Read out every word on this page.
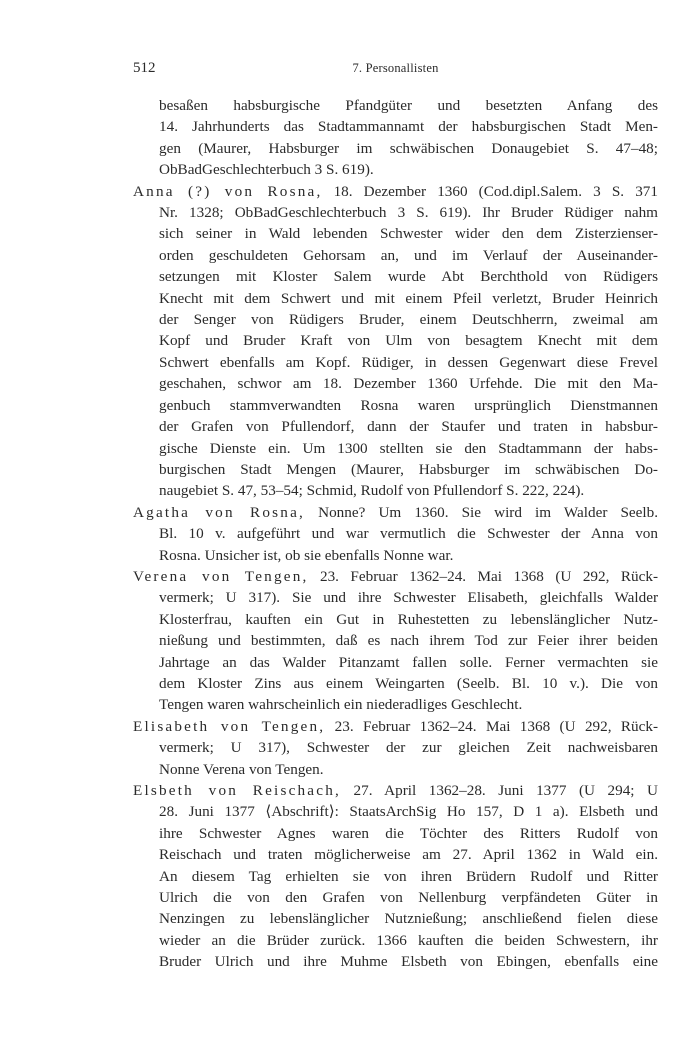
512	7. Personallisten
besaßen habsburgische Pfandgüter und besetzten Anfang des
14. Jahrhunderts das Stadtammannamt der habsburgischen Stadt Men-
gen (Maurer, Habsburger im schwäbischen Donaugebiet S. 47–48;
ObBadGeschlechterbuch 3 S. 619).
Anna (?) von Rosna, 18. Dezember 1360 (Cod.dipl.Salem. 3 S. 371
Nr. 1328; ObBadGeschlechterbuch 3 S. 619). Ihr Bruder Rüdiger nahm
sich seiner in Wald lebenden Schwester wider den dem Zisterzienser-
orden geschuldeten Gehorsam an, und im Verlauf der Auseinander-
setzungen mit Kloster Salem wurde Abt Berchthold von Rüdigers
Knecht mit dem Schwert und mit einem Pfeil verletzt, Bruder Heinrich
der Senger von Rüdigers Bruder, einem Deutschherrn, zweimal am
Kopf und Bruder Kraft von Ulm von besagtem Knecht mit dem
Schwert ebenfalls am Kopf. Rüdiger, in dessen Gegenwart diese Frevel
geschahen, schwor am 18. Dezember 1360 Urfehde. Die mit den Ma-
genbuch stammverwandten Rosna waren ursprünglich Dienstmannen
der Grafen von Pfullendorf, dann der Staufer und traten in habsbur-
gische Dienste ein. Um 1300 stellten sie den Stadtammann der habs-
burgischen Stadt Mengen (Maurer, Habsburger im schwäbischen Do-
naugebiet S. 47, 53–54; Schmid, Rudolf von Pfullendorf S. 222, 224).
Agatha von Rosna, Nonne? Um 1360. Sie wird im Walder Seelb.
Bl. 10 v. aufgeführt und war vermutlich die Schwester der Anna von
Rosna. Unsicher ist, ob sie ebenfalls Nonne war.
Verena von Tengen, 23. Februar 1362–24. Mai 1368 (U 292, Rück-
vermerk; U 317). Sie und ihre Schwester Elisabeth, gleichfalls Walder
Klosterfrau, kauften ein Gut in Ruhestetten zu lebenslänglicher Nutz-
nießung und bestimmten, daß es nach ihrem Tod zur Feier ihrer beiden
Jahrtage an das Walder Pitanzamt fallen solle. Ferner vermachten sie
dem Kloster Zins aus einem Weingarten (Seelb. Bl. 10 v.). Die von
Tengen waren wahrscheinlich ein niederadliges Geschlecht.
Elisabeth von Tengen, 23. Februar 1362–24. Mai 1368 (U 292, Rück-
vermerk; U 317), Schwester der zur gleichen Zeit nachweisbaren
Nonne Verena von Tengen.
Elsbeth von Reischach, 27. April 1362–28. Juni 1377 (U 294; U
28. Juni 1377 ⟨Abschrift⟩: StaatsArchSig Ho 157, D 1 a). Elsbeth und
ihre Schwester Agnes waren die Töchter des Ritters Rudolf von
Reischach und traten möglicherweise am 27. April 1362 in Wald ein.
An diesem Tag erhielten sie von ihren Brüdern Rudolf und Ritter
Ulrich die von den Grafen von Nellenburg verpfändeten Güter in
Nenzingen zu lebenslänglicher Nutznießung; anschließend fielen diese
wieder an die Brüder zurück. 1366 kauften die beiden Schwestern, ihr
Bruder Ulrich und ihre Muhme Elsbeth von Ebingen, ebenfalls eine
